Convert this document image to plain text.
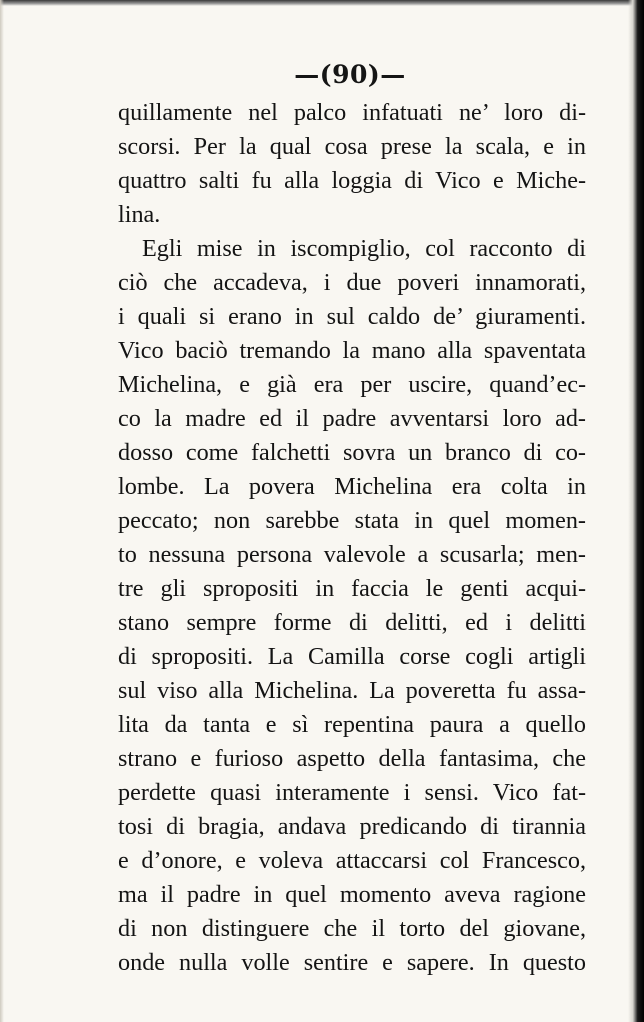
—(90)—
quillamente nel palco infatuati ne’ loro di-
scorsi. Per la qual cosa prese la scala, e in
quattro salti fu alla loggia di Vico e Miche-
lina.
Egli mise in iscompiglio, col racconto di
ciò che accadeva, i due poveri innamorati,
i quali si erano in sul caldo de’ giuramenti.
Vico baciò tremando la mano alla spaventata
Michelina, e già era per uscire, quand’ec-
co la madre ed il padre avventarsi loro ad-
dosso come falchetti sovra un branco di co-
lombe. La povera Michelina era colta in
peccato; non sarebbe stata in quel momen-
to nessuna persona valevole a scusarla; men-
tre gli spropositi in faccia le genti acqui-
stano sempre forme di delitti, ed i delitti
di spropositi. La Camilla corse cogli artigli
sul viso alla Michelina. La poveretta fu assa-
lita da tanta e sì repentina paura a quello
strano e furioso aspetto della fantasima, che
perdette quasi interamente i sensi. Vico fat-
tosi di bragia, andava predicando di tirannia
e d’onore, e voleva attaccarsi col Francesco,
ma il padre in quel momento aveva ragione
di non distinguere che il torto del giovane,
onde nulla volle sentire e sapere. In questo
